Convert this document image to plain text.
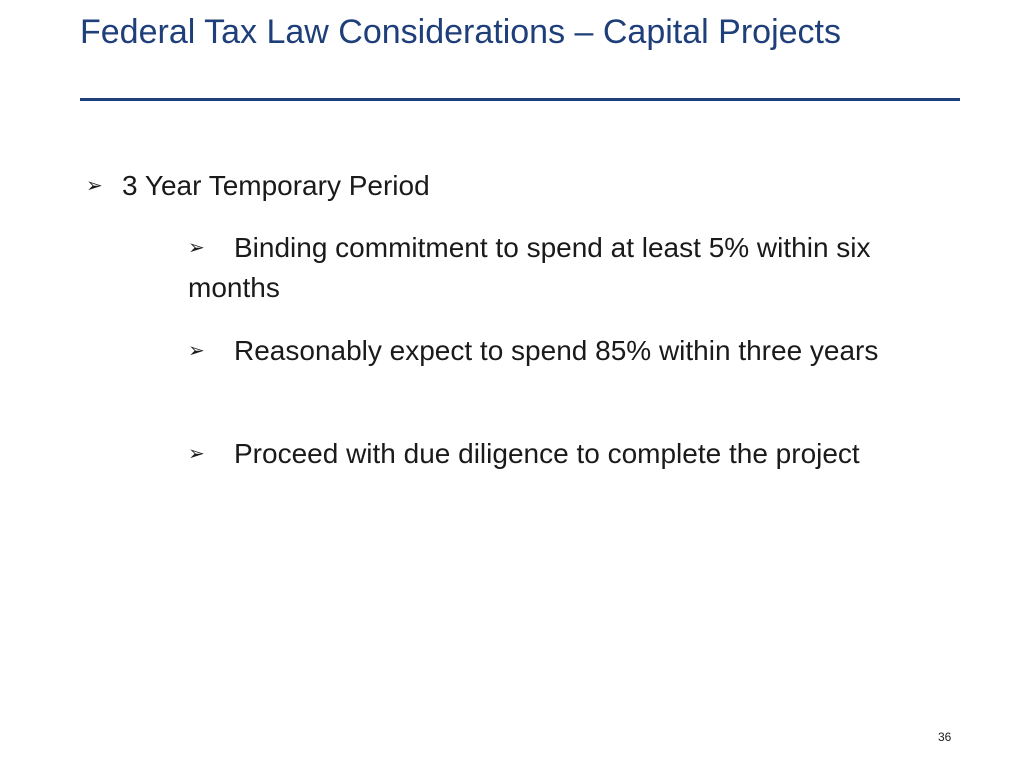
Federal Tax Law Considerations – Capital Projects
➢ 3 Year Temporary Period
➢ Binding commitment to spend at least 5% within six months
➢ Reasonably expect to spend 85% within three years
➢ Proceed with due diligence to complete the project
36
